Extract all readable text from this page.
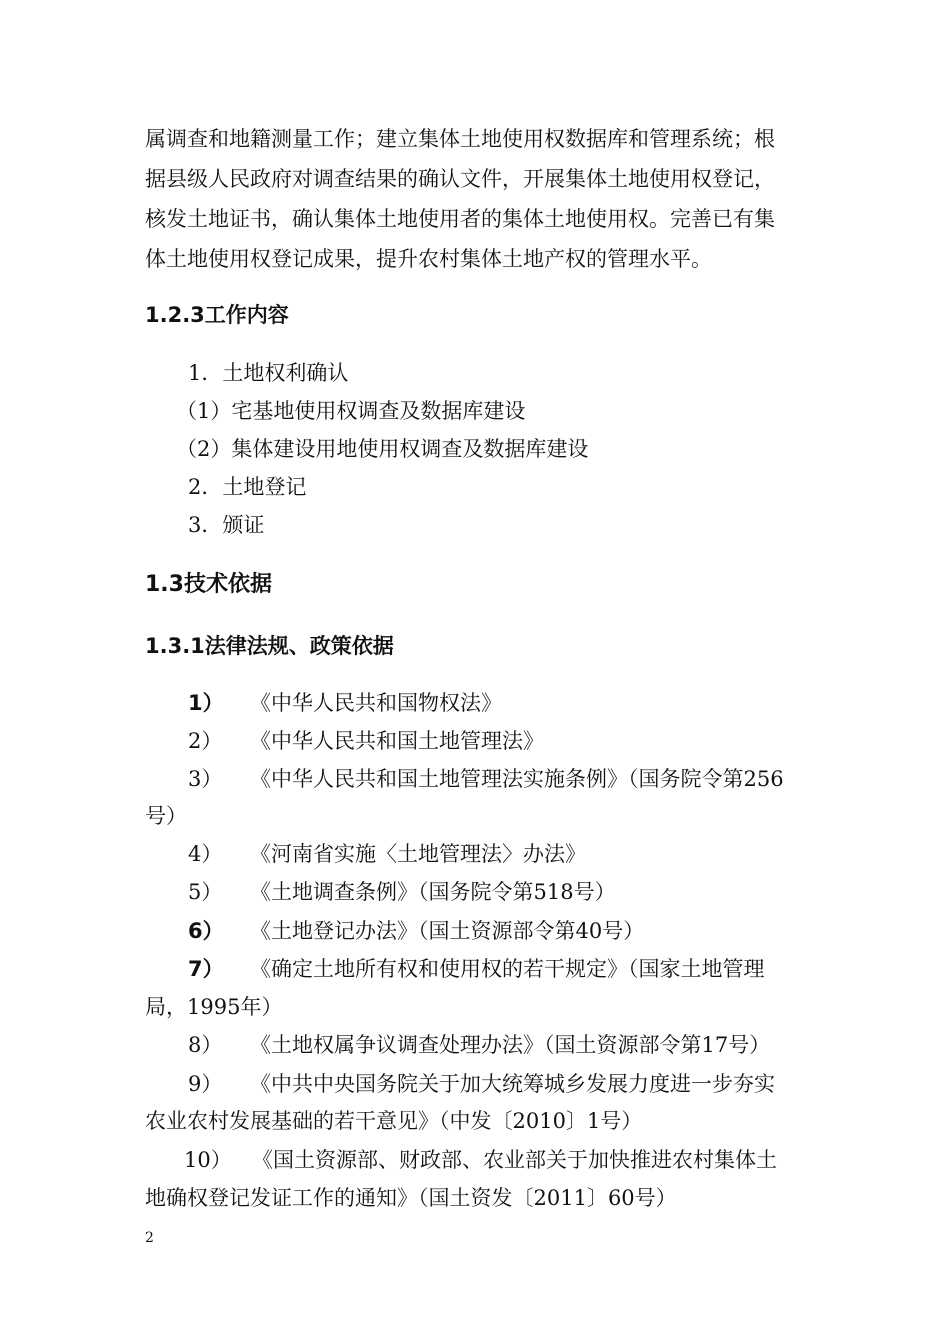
属调查和地籍测量工作；建立集体土地使用权数据库和管理系统；根
据县级人民政府对调查结果的确认文件，开展集体土地使用权登记，
核发土地证书，确认集体土地使用者的集体土地使用权。完善已有集
体土地使用权登记成果，提升农村集体土地产权的管理水平。
1.2.3工作内容
1．土地权利确认
（1）宅基地使用权调查及数据库建设
（2）集体建设用地使用权调查及数据库建设
2．土地登记
3．颁证
1.3技术依据
1.3.1法律法规、政策依据
1） 《中华人民共和国物权法》
2） 《中华人民共和国土地管理法》
3） 《中华人民共和国土地管理法实施条例》（国务院令第256
号）
4） 《河南省实施〈土地管理法〉办法》
5） 《土地调查条例》（国务院令第518号）
6） 《土地登记办法》（国土资源部令第40号）
7） 《确定土地所有权和使用权的若干规定》（国家土地管理
局，1995年）
8） 《土地权属争议调查处理办法》（国土资源部令第17号）
9） 《中共中央国务院关于加大统筹城乡发展力度进一步夯实
农业农村发展基础的若干意见》（中发〔2010〕1号）
10） 《国土资源部、财政部、农业部关于加快推进农村集体土
地确权登记发证工作的通知》（国土资发〔2011〕60号）
2
